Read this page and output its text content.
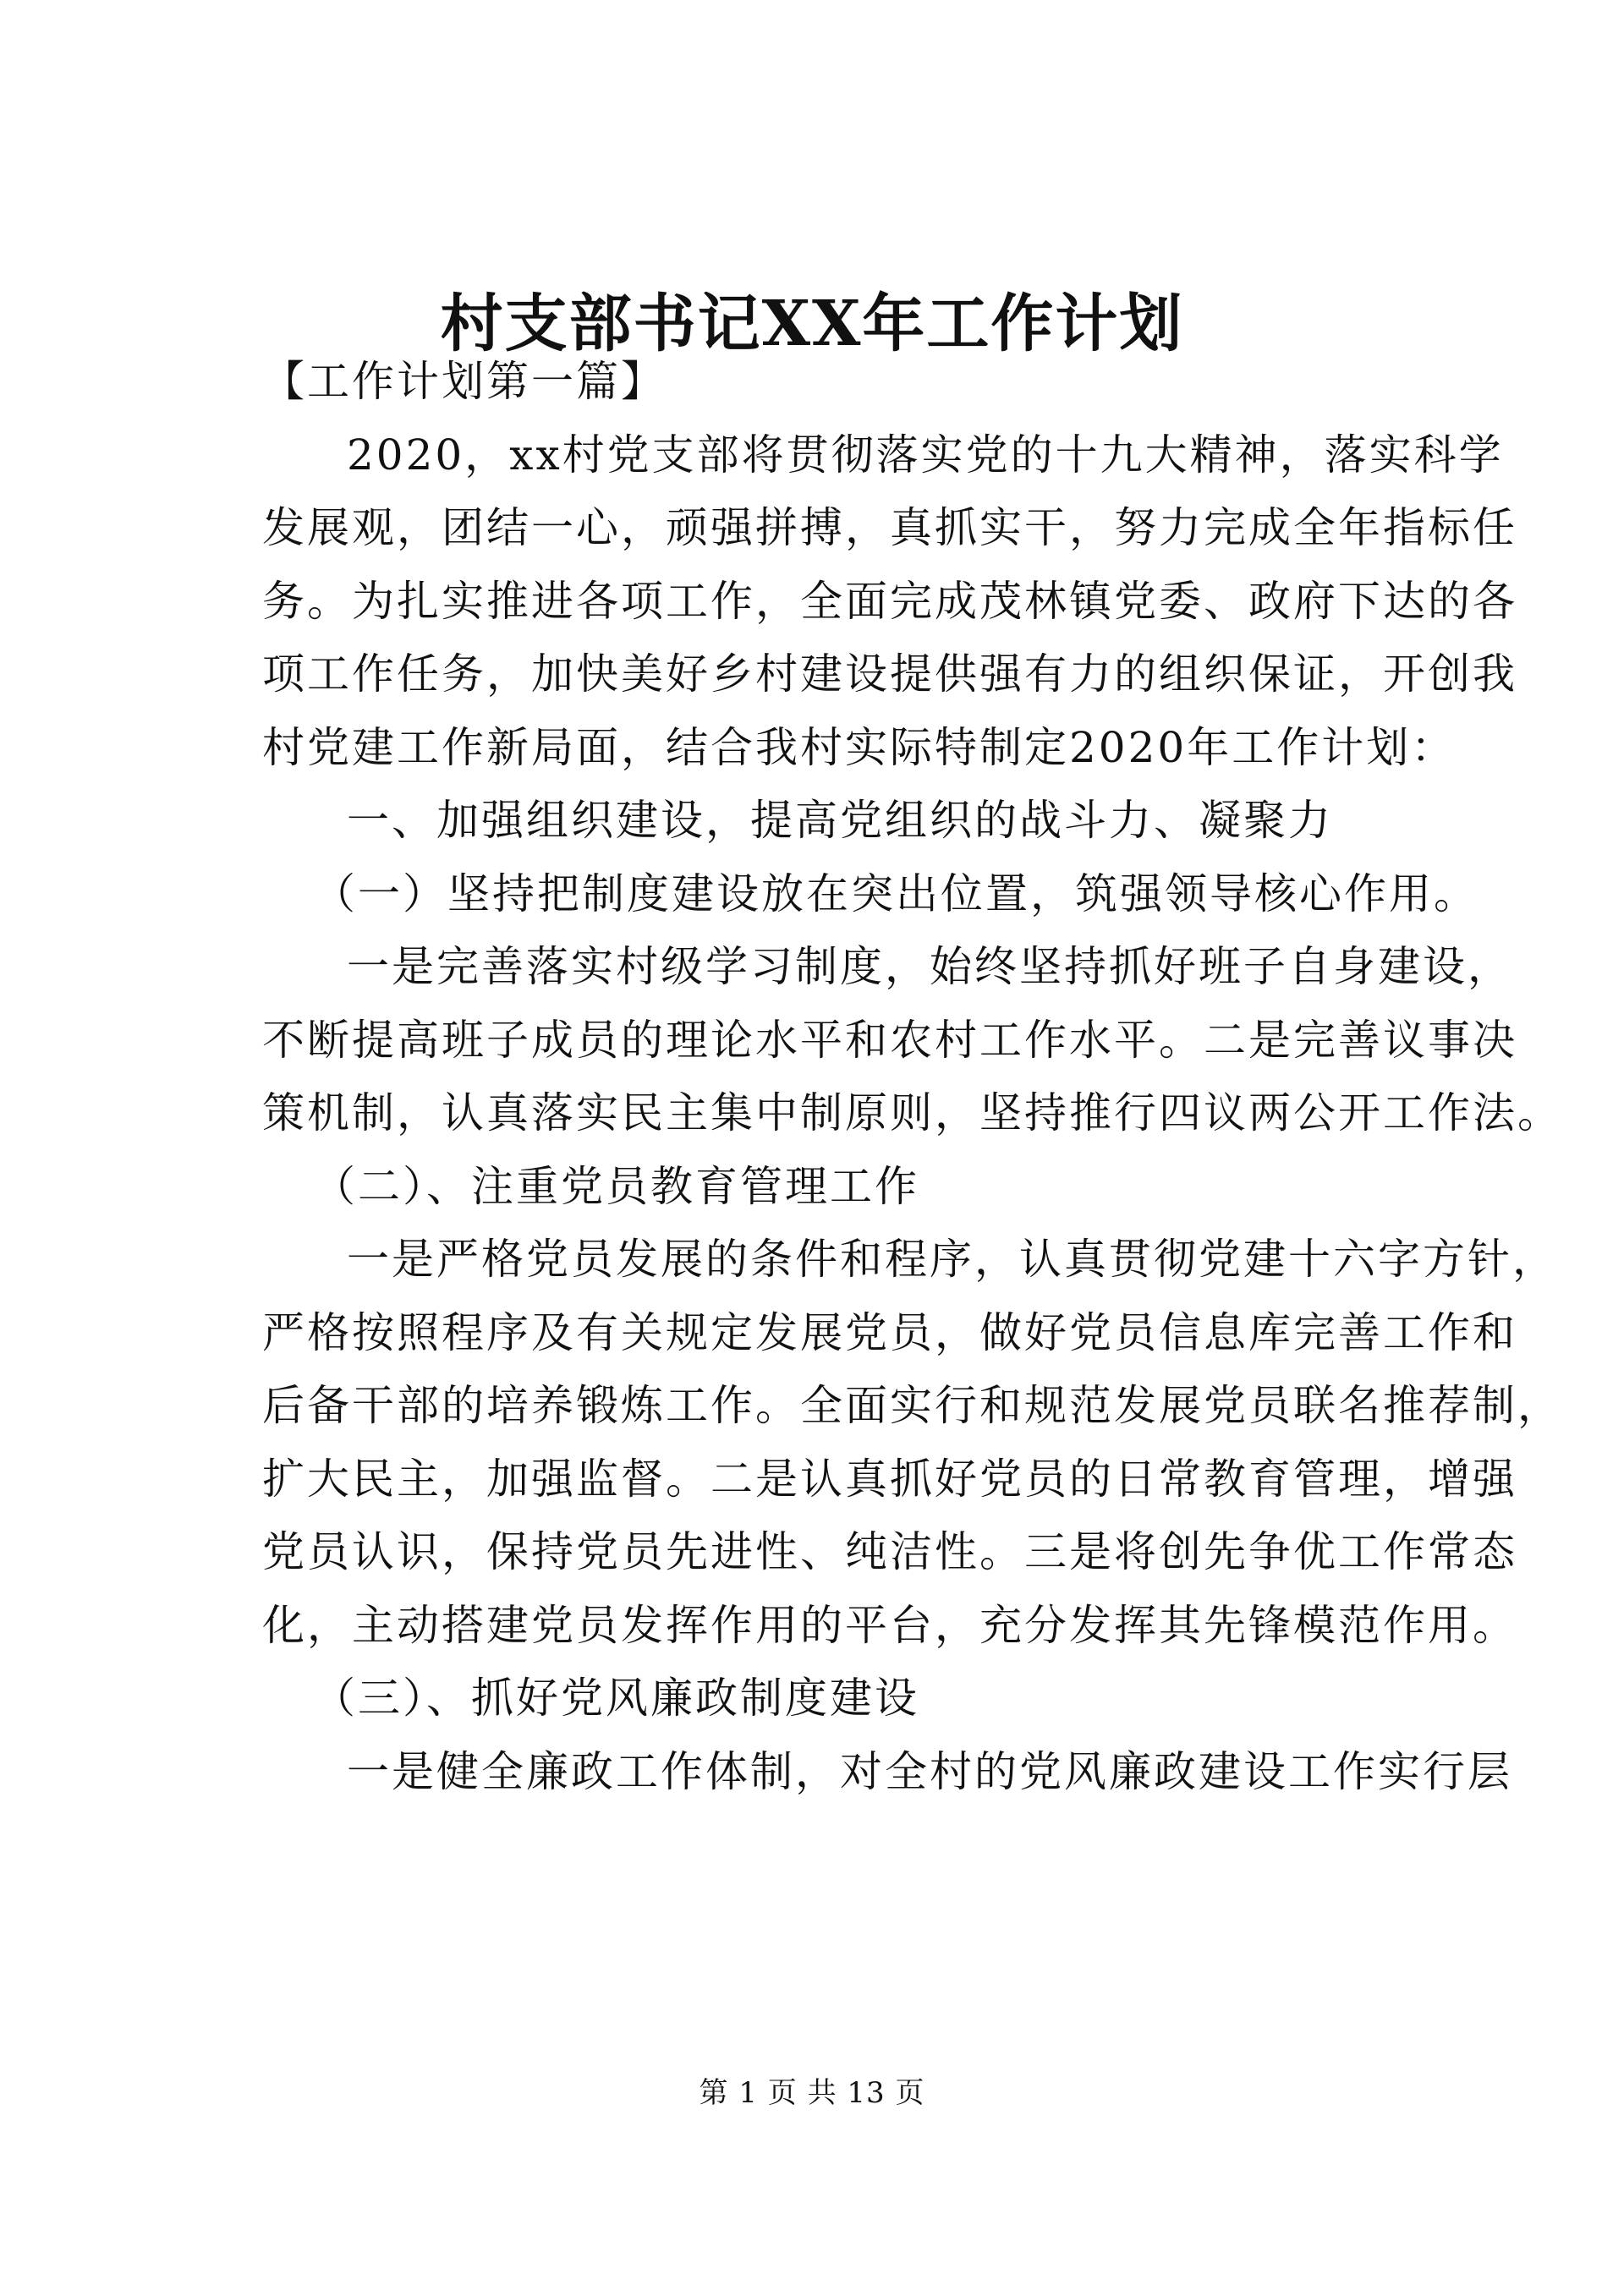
村支部书记XX年工作计划
【工作计划第一篇】
2020，xx村党支部将贯彻落实党的十九大精神，落实科学
发展观，团结一心，顽强拼搏，真抓实干，努力完成全年指标任
务。为扎实推进各项工作，全面完成茂林镇党委、政府下达的各
项工作任务，加快美好乡村建设提供强有力的组织保证，开创我
村党建工作新局面，结合我村实际特制定2020年工作计划：
一、加强组织建设，提高党组织的战斗力、凝聚力
（一）坚持把制度建设放在突出位置，筑强领导核心作用。
一是完善落实村级学习制度，始终坚持抓好班子自身建设，
不断提高班子成员的理论水平和农村工作水平。二是完善议事决
策机制，认真落实民主集中制原则，坚持推行四议两公开工作法。
（二）、注重党员教育管理工作
一是严格党员发展的条件和程序，认真贯彻党建十六字方针，
严格按照程序及有关规定发展党员，做好党员信息库完善工作和
后备干部的培养锻炼工作。全面实行和规范发展党员联名推荐制，
扩大民主，加强监督。二是认真抓好党员的日常教育管理，增强
党员认识，保持党员先进性、纯洁性。三是将创先争优工作常态
化，主动搭建党员发挥作用的平台，充分发挥其先锋模范作用。
（三）、抓好党风廉政制度建设
一是健全廉政工作体制，对全村的党风廉政建设工作实行层
第 1 页 共 13 页
